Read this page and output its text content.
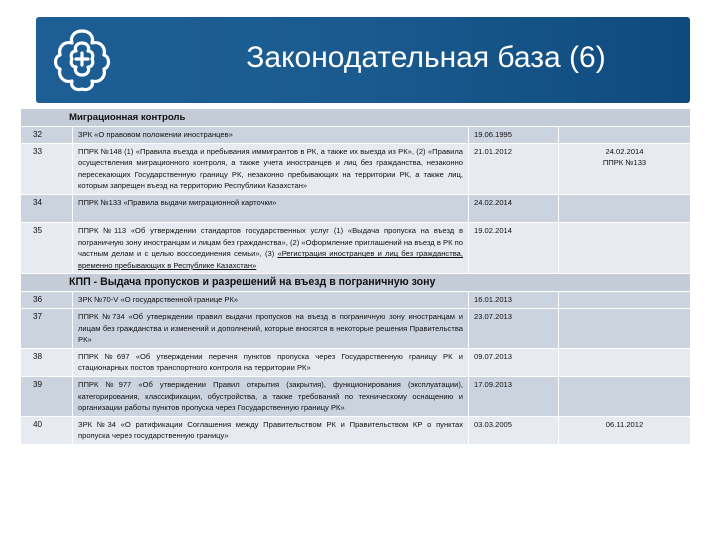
Законодательная база (6)
Миграционная контроль			
32	ЗРК «О правовом положении иностранцев»	19.06.1995	
33	ППРК №148 (1) «Правила въезда и пребывания иммигрантов в РК, а также их выезда из РК», (2) «Правила осуществления миграционного контроля, а также учета иностранцев и лиц без гражданства, незаконно пересекающих Государственную границу РК, незаконно пребывающих на территории РК, а также лиц, которым запрещен въезд на территорию Республики Казахстан»	21.01.2012	24.02.2014
ППРК №133

34	ППРК №133 «Правила выдачи миграционной карточки»	24.02.2014	
35	ППРК №113 «Об утверждении стандартов государственных услуг (1) «Выдача пропуска на въезд в пограничную зону иностранцам и лицам без гражданства», (2) «Оформление приглашений на въезд в РК по частным делам и с целью воссоединения семьи», (3) «Регистрация иностранцев и лиц без гражданства, временно пребывающих в Республике Казахстан»	19.02.2014	
КПП - Выдача пропусков и разрешений на въезд в пограничную зону			
36	ЗРК №70-V «О государственной границе РК»	16.01.2013	
37	ППРК №734 «Об утверждении правил выдачи пропусков на въезд в пограничную зону иностранцам и лицам без гражданства и изменений и дополнений, которые вносятся в некоторые решения Правительства РК»	23.07.2013	
38	ППРК №697 «Об утверждении перечня пунктов пропуска через Государственную границу РК и стационарных постов транспортного контроля на территории РК»	09.07.2013	
39	ППРК №977 «Об утверждении Правил открытия (закрытия), функционирования (эксплуатации), категорирования, классификации, обустройства, а также требований по техническому оснащению и организации работы пунктов пропуска через Государственную границу РК»	17.09.2013	
40	ЗРК №34 «О ратификации Соглашения между Правительством РК и Правительством КР о пунктах пропуска через государственную границу»	03.03.2005	06.11.2012
